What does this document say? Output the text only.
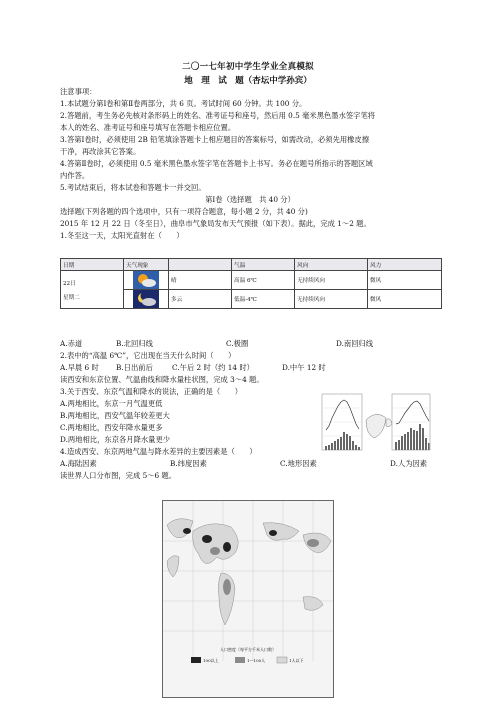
二〇一七年初中学生学业全真模拟
地　理　试　题（杏坛中学孙宾）
注意事项：
1.本试题分第Ⅰ卷和第Ⅱ卷两部分，共 6 页。考试时间 60 分钟。共 100 分。
2.答题前，考生务必先核对条形码上的姓名、准考证号和座号，然后用 0.5 毫米黑色墨水签字笔将
本人的姓名、准考证号和座号填写在答题卡相应位置。
3.答第Ⅰ卷时，必须使用 2B 铅笔填涂答题卡上相应题目的答案标号，如需改动，必须先用橡皮擦
干净，再改涂其它答案。
4.答第Ⅱ卷时，必须使用 0.5 毫米黑色墨水签字笔在答题卡上书写。务必在题号所指示的答题区域
内作答。
5.考试结束后，将本试卷和答题卡一并交回。
第Ⅰ卷（选择题　共 40 分）
选择题(下列各题的四个选项中，只有一项符合题意，每小题 2 分，共 40 分)
2015 年 12 月 22 日（冬至日），曲阜市气象局发布天气预报（如下表）。据此，完成 1～2 题。
1.冬至这一天，太阳光直射在（　　）
日期	天气现象		气温	风向	风力

22日
星期二		晴	高温 6℃	无持续风向	微风

	多云	低温-4℃	无持续风向	微风
A.赤道	B.北回归线	C.极圈	D.南回归线
2.表中的“高温 6℃”，它出现在当天什么时间（　　）
A.早晨 6 时	B.日出前后	C.午后 2 时（约 14 时）	D.中午 12 时
读西安和东京位置、气温曲线和降水量柱状图，完成 3～4 题。
3.关于西安、东京气温和降水的说法，正确的是（　　）
A.两地相比，东京一月气温更低
B.两地相比，西安气温年较差更大
C.两地相比，西安年降水量更多
D.两地相比，东京各月降水量更少
4.造成西安、东京两地气温与降水差异的主要因素是（　　）
A.海陆因素	B.纬度因素	C.地形因素	D.人为因素
读世界人口分布图，完成 5～6 题。
人口密度（每平方千米人口数）
100以上	1～100人	1人以下
